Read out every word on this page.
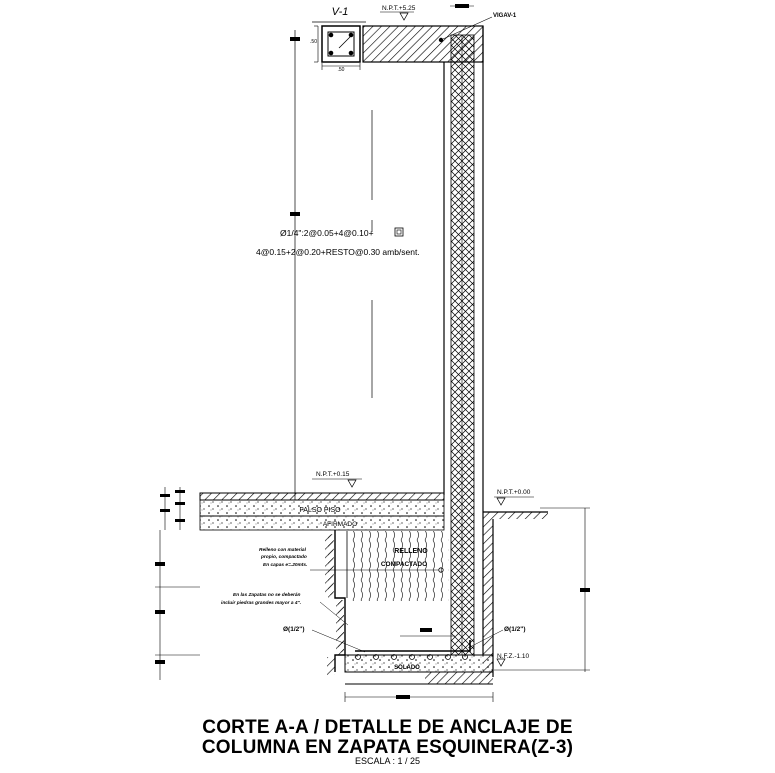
V-1
.50
.50
VIGAV-1
N.P.T.+5.25
Ø1/4":2@0.05+4@0.10+
4@0.15+2@0.20+RESTO@0.30 amb/sent.
N.P.T.+0.15
FALSO PISO
AFIRMADO
RELLENO
COMPACTADO
N.P.T.+0.00
SOLADO
N.F.Z.-1.10
Ø(1/2")	Ø(1/2")
Relleno con material
propio, compactado
En capas e=.20mts.
En las Zapatas no se deberán
incluir piedras grandes mayor a 4".
CORTE A-A / DETALLE DE ANCLAJE DE
COLUMNA EN ZAPATA ESQUINERA(Z-3)
ESCALA : 1 / 25
